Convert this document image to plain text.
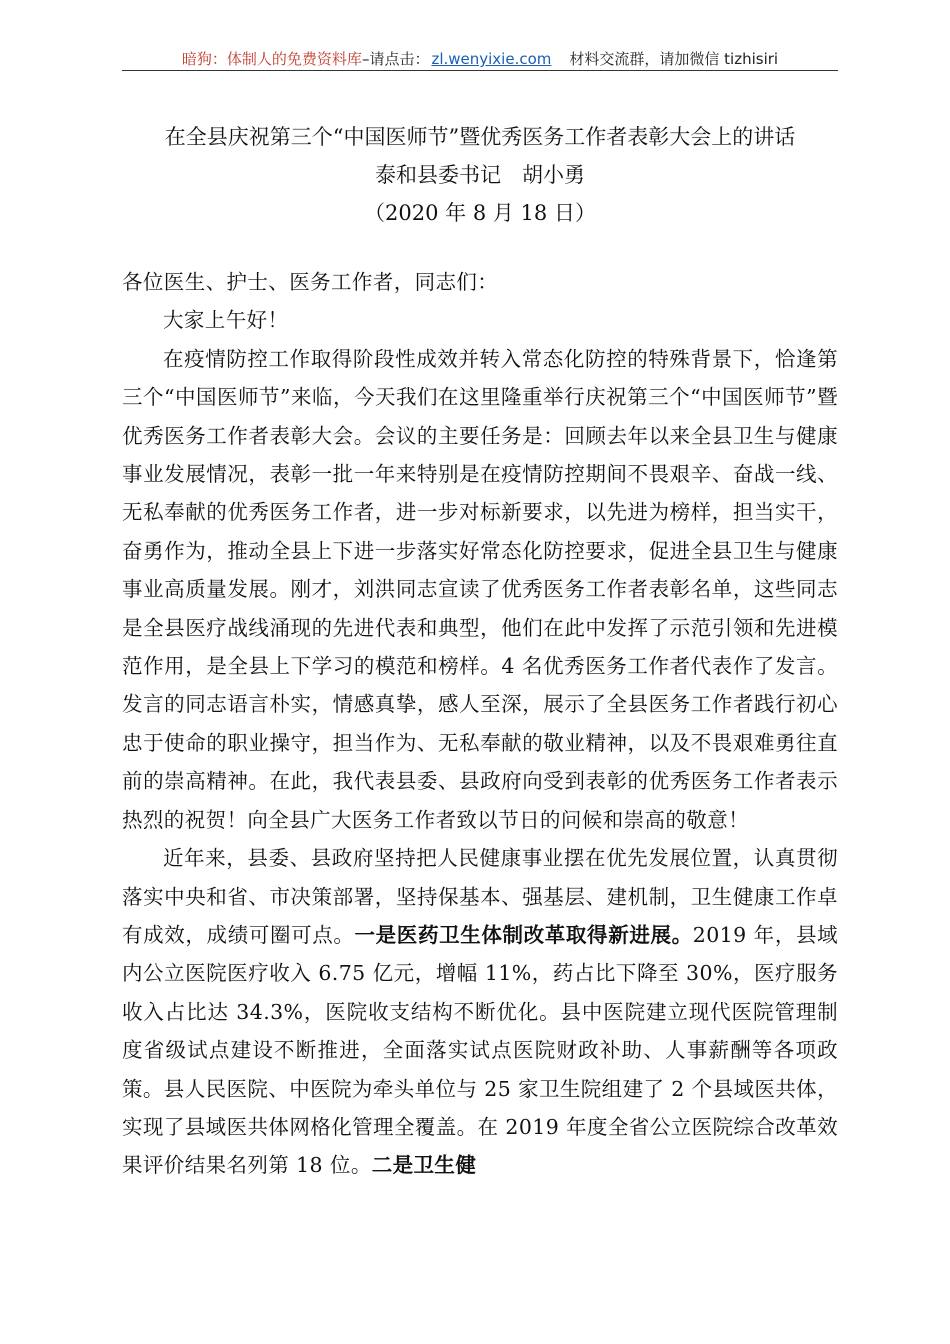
暗狗：体制人的免费资料库–请点击： zl.wenyixie.com 材料交流群，请加微信 tizhisiri
在全县庆祝第三个“中国医师节”暨优秀医务工作者表彰大会上的讲话
泰和县委书记　胡小勇
（2020 年 8 月 18 日）

各位医生、护士、医务工作者，同志们：

大家上午好！

在疫情防控工作取得阶段性成效并转入常态化防控的特殊背景下，恰逢第三个“中国医师节”来临，今天我们在这里隆重举行庆祝第三个“中国医师节”暨优秀医务工作者表彰大会。会议的主要任务是：回顾去年以来全县卫生与健康事业发展情况，表彰一批一年来特别是在疫情防控期间不畏艰辛、奋战一线、无私奉献的优秀医务工作者，进一步对标新要求，以先进为榜样，担当实干，奋勇作为，推动全县上下进一步落实好常态化防控要求，促进全县卫生与健康事业高质量发展。刚才，刘洪同志宣读了优秀医务工作者表彰名单，这些同志是全县医疗战线涌现的先进代表和典型，他们在此中发挥了示范引领和先进模范作用，是全县上下学习的模范和榜样。4 名优秀医务工作者代表作了发言。发言的同志语言朴实，情感真挚，感人至深，展示了全县医务工作者践行初心忠于使命的职业操守，担当作为、无私奉献的敬业精神，以及不畏艰难勇往直前的崇高精神。在此，我代表县委、县政府向受到表彰的优秀医务工作者表示热烈的祝贺！向全县广大医务工作者致以节日的问候和崇高的敬意！

近年来，县委、县政府坚持把人民健康事业摆在优先发展位置，认真贯彻落实中央和省、市决策部署，坚持保基本、强基层、建机制，卫生健康工作卓有成效，成绩可圈可点。一是医药卫生体制改革取得新进展。2019 年，县域内公立医院医疗收入 6.75 亿元，增幅 11%，药占比下降至 30%，医疗服务收入占比达 34.3%，医院收支结构不断优化。县中医院建立现代医院管理制度省级试点建设不断推进，全面落实试点医院财政补助、人事薪酬等各项政策。县人民医院、中医院为牵头单位与 25 家卫生院组建了 2 个县域医共体，实现了县域医共体网格化管理全覆盖。在 2019 年度全省公立医院综合改革效果评价结果名列第 18 位。二是卫生健
